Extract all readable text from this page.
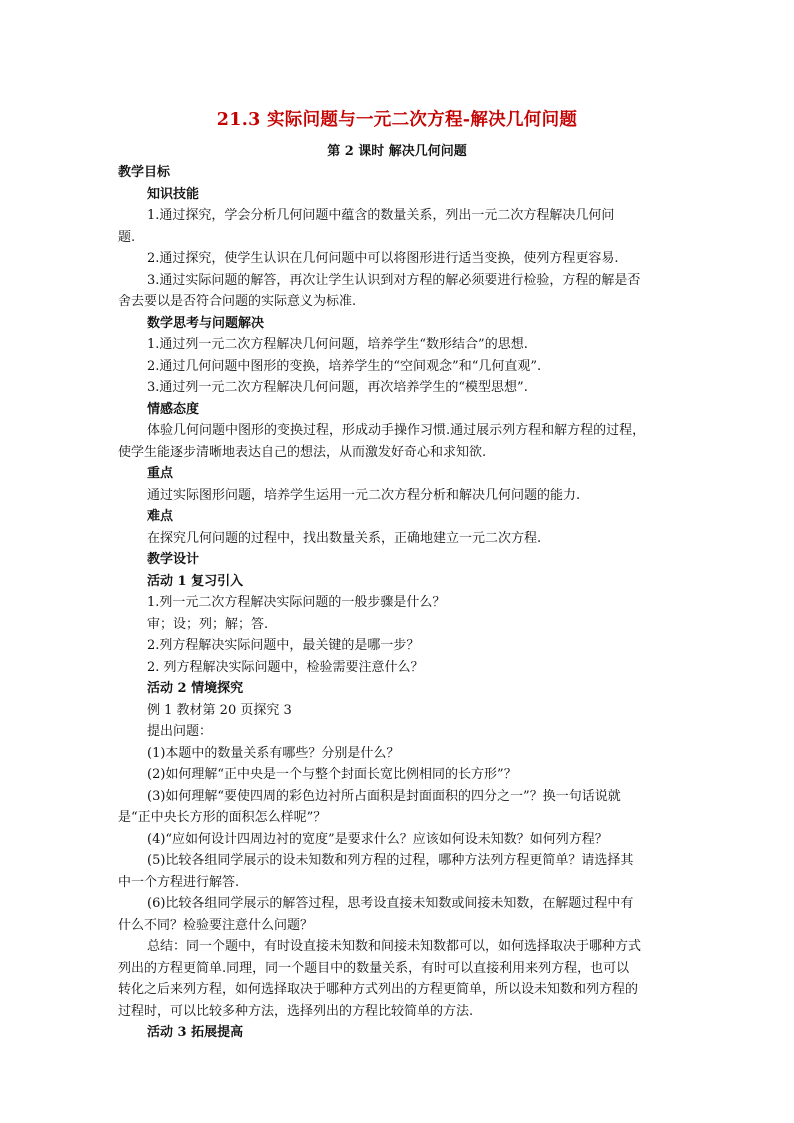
21.3 实际问题与一元二次方程-解决几何问题
第 2 课时 解决几何问题
教学目标
知识技能
1.通过探究，学会分析几何问题中蕴含的数量关系，列出一元二次方程解决几何问
题.
2.通过探究，使学生认识在几何问题中可以将图形进行适当变换，使列方程更容易.
3.通过实际问题的解答，再次让学生认识到对方程的解必须要进行检验，方程的解是否
舍去要以是否符合问题的实际意义为标准.
数学思考与问题解决
1.通过列一元二次方程解决几何问题，培养学生“数形结合”的思想.
2.通过几何问题中图形的变换，培养学生的“空间观念”和“几何直观”.
3.通过列一元二次方程解决几何问题，再次培养学生的“模型思想”.
情感态度
体验几何问题中图形的变换过程，形成动手操作习惯.通过展示列方程和解方程的过程，
使学生能逐步清晰地表达自己的想法，从而激发好奇心和求知欲.
重点
通过实际图形问题，培养学生运用一元二次方程分析和解决几何问题的能力.
难点
在探究几何问题的过程中，找出数量关系，正确地建立一元二次方程.
教学设计
活动 1 复习引入
1.列一元二次方程解决实际问题的一般步骤是什么？
审；设；列；解；答.
2.列方程解决实际问题中，最关键的是哪一步？
2. 列方程解决实际问题中，检验需要注意什么？
活动 2 情境探究
例 1 教材第 20 页探究 3
提出问题：
(1)本题中的数量关系有哪些？分别是什么？
(2)如何理解“正中央是一个与整个封面长宽比例相同的长方形”？
(3)如何理解“要使四周的彩色边衬所占面积是封面面积的四分之一”？换一句话说就
是“正中央长方形的面积怎么样呢”？
(4)“应如何设计四周边衬的宽度”是要求什么？应该如何设未知数？如何列方程？
(5)比较各组同学展示的设未知数和列方程的过程，哪种方法列方程更简单？请选择其
中一个方程进行解答.
(6)比较各组同学展示的解答过程，思考设直接未知数或间接未知数，在解题过程中有
什么不同？检验要注意什么问题？
总结：同一个题中，有时设直接未知数和间接未知数都可以，如何选择取决于哪种方式
列出的方程更简单.同理，同一个题目中的数量关系，有时可以直接利用来列方程，也可以
转化之后来列方程，如何选择取决于哪种方式列出的方程更简单，所以设未知数和列方程的
过程时，可以比较多种方法，选择列出的方程比较简单的方法.
活动 3 拓展提高
